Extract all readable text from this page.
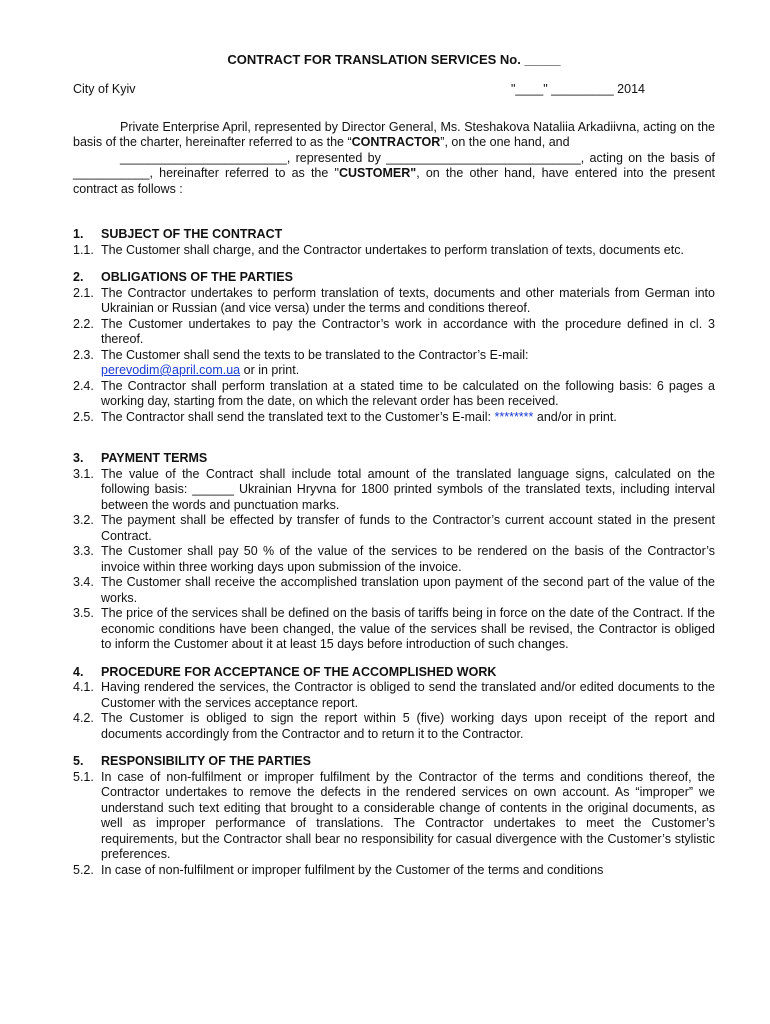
CONTRACT FOR TRANSLATION SERVICES No. _____
City of Kyiv	"____" _________ 2014

Private Enterprise April, represented by Director General, Ms. Steshakova Nataliia Arkadiivna, acting on the basis of the charter, hereinafter referred to as the “CONTRACTOR”, on the one hand, and

________________________, represented by ____________________________, acting on the basis of ___________, hereinafter referred to as the "CUSTOMER", on the other hand, have entered into the present contract as follows :

1.	SUBJECT OF THE CONTRACT
1.1. The Customer shall charge, and the Contractor undertakes to perform translation of texts, documents etc.
2.	OBLIGATIONS OF THE PARTIES
2.1. The Contractor undertakes to perform translation of texts, documents and other materials from German into Ukrainian or Russian (and vice versa) under the terms and conditions thereof.
2.2. The Customer undertakes to pay the Contractor’s work in accordance with the procedure defined in cl. 3 thereof.
2.3. The Customer shall send the texts to be translated to the Contractor’s E-mail:
perevodim@april.com.ua or in print.
2.4. The Contractor shall perform translation at a stated time to be calculated on the following basis: 6 pages a working day, starting from the date, on which the relevant order has been received.
2.5. The Contractor shall send the translated text to the Customer’s E-mail: ******** and/or in print.
3.	PAYMENT TERMS
3.1. The value of the Contract shall include total amount of the translated language signs, calculated on the following basis: ______ Ukrainian Hryvna for 1800 printed symbols of the translated texts, including interval between the words and punctuation marks.
3.2. The payment shall be effected by transfer of funds to the Contractor’s current account stated in the present Contract.
3.3. The Customer shall pay 50 % of the value of the services to be rendered on the basis of the Contractor’s invoice within three working days upon submission of the invoice.
3.4. The Customer shall receive the accomplished translation upon payment of the second part of the value of the works.
3.5. The price of the services shall be defined on the basis of tariffs being in force on the date of the Contract. If the economic conditions have been changed, the value of the services shall be revised, the Contractor is obliged to inform the Customer about it at least 15 days before introduction of such changes.
4.	PROCEDURE FOR ACCEPTANCE OF THE ACCOMPLISHED WORK
4.1. Having rendered the services, the Contractor is obliged to send the translated and/or edited documents to the Customer with the services acceptance report.
4.2. The Customer is obliged to sign the report within 5 (five) working days upon receipt of the report and documents accordingly from the Contractor and to return it to the Contractor.
5.	RESPONSIBILITY OF THE PARTIES
5.1. In case of non-fulfilment or improper fulfilment by the Contractor of the terms and conditions thereof, the Contractor undertakes to remove the defects in the rendered services on own account. As “improper” we understand such text editing that brought to a considerable change of contents in the original documents, as well as improper performance of translations. The Contractor undertakes to meet the Customer’s requirements, but the Contractor shall bear no responsibility for casual divergence with the Customer’s stylistic preferences.
5.2. In case of non-fulfilment or improper fulfilment by the Customer of the terms and conditions
